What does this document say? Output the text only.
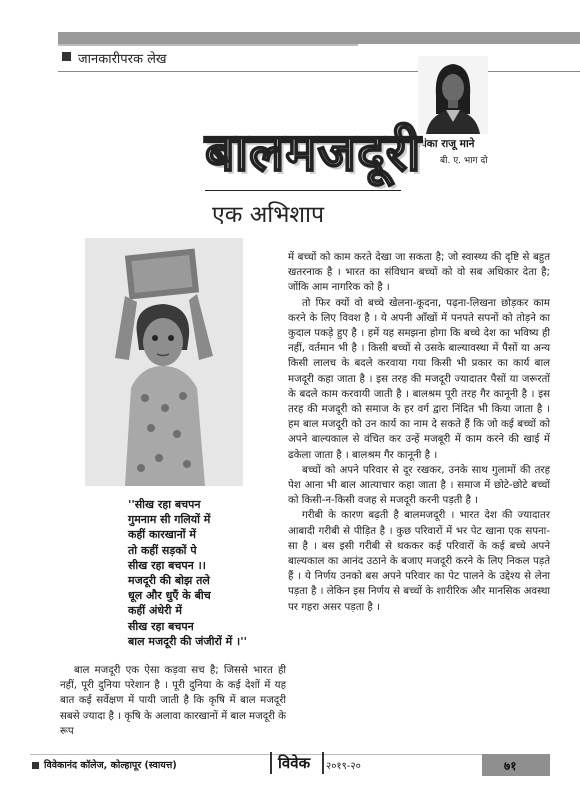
जानकारीपरक लेख
प्रियंका राजू माने
बी. ए. भाग दो
बालमजदूरी
एक अभिशाप
''सीख रहा बचपन
गुमनाम सी गलियों में
कहीं कारखानों में
तो कहीं सड़कों पे
सीख रहा बचपन ।।
मजदूरी की बोझ तले
धूल और धुएँ के बीच
कहीं अंधेरी में
सीख रहा बचपन
बाल मजदूरी की जंजीरों में ।''

बाल मजदूरी एक ऐसा कड़वा सच है; जिससे भारत ही नहीं, पूरी दुनिया परेशान है । पूरी दुनिया के कई देशों में यह बात कई सर्वेक्षण में पायी जाती है कि कृषि में बाल मजदूरी सबसे ज्यादा है । कृषि के अलावा कारखानों में बाल मजदूरी के रूप

में बच्चों को काम करते देखा जा सकता है; जो स्वास्थ्य की दृष्टि से बहुत खतरनाक है । भारत का संविधान बच्चों को वो सब अधिकार देता है; जोंकि आम नागरिक को है ।

तो फिर क्यों वो बच्चे खेलना-कूदना, पढ़ना-लिखना छोड़कर काम करने के लिए विवश है । ये अपनी आँखों में पनपते सपनों को तोड़ने का कुदाल पकड़े हुए है । हमें यह समझना होगा कि बच्चे देश का भविष्य ही नहीं, वर्तमान भी है । किसी बच्चों से उसके बाल्यावस्था में पैसों या अन्य किसी लालच के बदले करवाया गया किसी भी प्रकार का कार्य बाल मजदूरी कहा जाता है । इस तरह की मजदूरी ज्यादातर पैसों या जरूरतों के बदले काम करवायी जाती है । बालश्रम पूरी तरह गैर कानूनी है । इस तरह की मजदूरी को समाज के हर वर्ग द्वारा निंदित भी किया जाता है । हम बाल मजदूरी को उन कार्य का नाम दे सकते हैं कि जो कई बच्चों को अपने बाल्यकाल से वंचित कर उन्हें मजबूरी में काम करने की खाई में ढकेला जाता है । बालश्रम गैर कानूनी है ।

बच्चों को अपने परिवार से दूर रखकर, उनके साथ गुलामों की तरह पेश आना भी बाल आत्याचार कहा जाता है । समाज में छोटे-छोटे बच्चों को किसी-न-किसी वजह से मजदूरी करनी पड़ती है ।

गरीबी के कारण बढ़ती है बालमजदूरी । भारत देश की ज्यादातर आबादी गरीबी से पीड़ित है । कुछ परिवारों में भर पेट खाना एक सपना-सा है । बस इसी गरीबी से थककर कई परिवारों के कई बच्चे अपने बाल्यकाल का आनंद उठाने के बजाए मजदूरी करने के लिए निकल पड़ते हैं । ये निर्णय उनको बस अपने परिवार का पेट पालने के उद्देश्य से लेना पड़ता है । लेकिन इस निर्णय से बच्चों के शारीरिक और मानसिक अवस्था पर गहरा असर पड़ता है ।

विवेकानंद कॉलेज, कोल्हापूर (स्वायत्त)	विवेक २०१९-२०	७१
